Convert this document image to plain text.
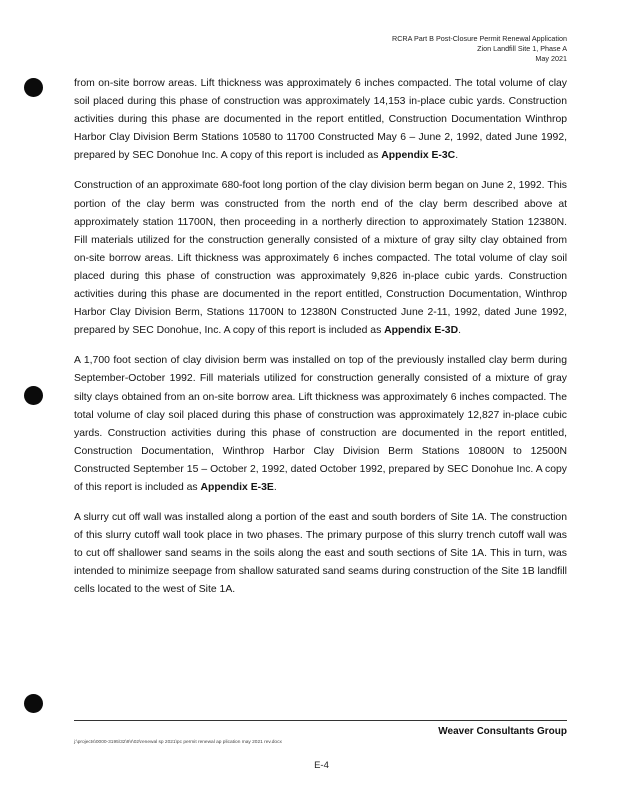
RCRA Part B Post-Closure Permit Renewal Application
Zion Landfill Site 1, Phase A
May 2021

from on-site borrow areas. Lift thickness was approximately 6 inches compacted. The total volume of clay soil placed during this phase of construction was approximately 14,153 in-place cubic yards. Construction activities during this phase are documented in the report entitled, Construction Documentation Winthrop Harbor Clay Division Berm Stations 10580 to 11700 Constructed May 6 – June 2, 1992, dated June 1992, prepared by SEC Donohue Inc. A copy of this report is included as Appendix E-3C.

Construction of an approximate 680-foot long portion of the clay division berm began on June 2, 1992. This portion of the clay berm was constructed from the north end of the clay berm described above at approximately station 11700N, then proceeding in a northerly direction to approximately Station 12380N. Fill materials utilized for the construction generally consisted of a mixture of gray silty clay obtained from on-site borrow areas. Lift thickness was approximately 6 inches compacted. The total volume of clay soil placed during this phase of construction was approximately 9,826 in-place cubic yards. Construction activities during this phase are documented in the report entitled, Construction Documentation, Winthrop Harbor Clay Division Berm, Stations 11700N to 12380N Constructed June 2-11, 1992, dated June 1992, prepared by SEC Donohue, Inc. A copy of this report is included as Appendix E-3D.

A 1,700 foot section of clay division berm was installed on top of the previously installed clay berm during September-October 1992. Fill materials utilized for construction generally consisted of a mixture of gray silty clays obtained from an on-site borrow area. Lift thickness was approximately 6 inches compacted. The total volume of clay soil placed during this phase of construction was approximately 12,827 in-place cubic yards. Construction activities during this phase of construction are documented in the report entitled, Construction Documentation, Winthrop Harbor Clay Division Berm Stations 10800N to 12500N Constructed September 15 – October 2, 1992, dated October 1992, prepared by SEC Donohue Inc. A copy of this report is included as Appendix E-3E.

A slurry cut off wall was installed along a portion of the east and south borders of Site 1A. The construction of this slurry cutoff wall took place in two phases. The primary purpose of this slurry trench cutoff wall was to cut off shallower sand seams in the soils along the east and south sections of Site 1A. This in turn, was intended to minimize seepage from shallow saturated sand seams during construction of the Site 1B landfill cells located to the west of Site 1A.

Weaver Consultants Group
j:\projects\0000-3195\32\9\r\02\renewal sp 2021\pc permit renewal ap plication may 2021 rev.docx
E-4
